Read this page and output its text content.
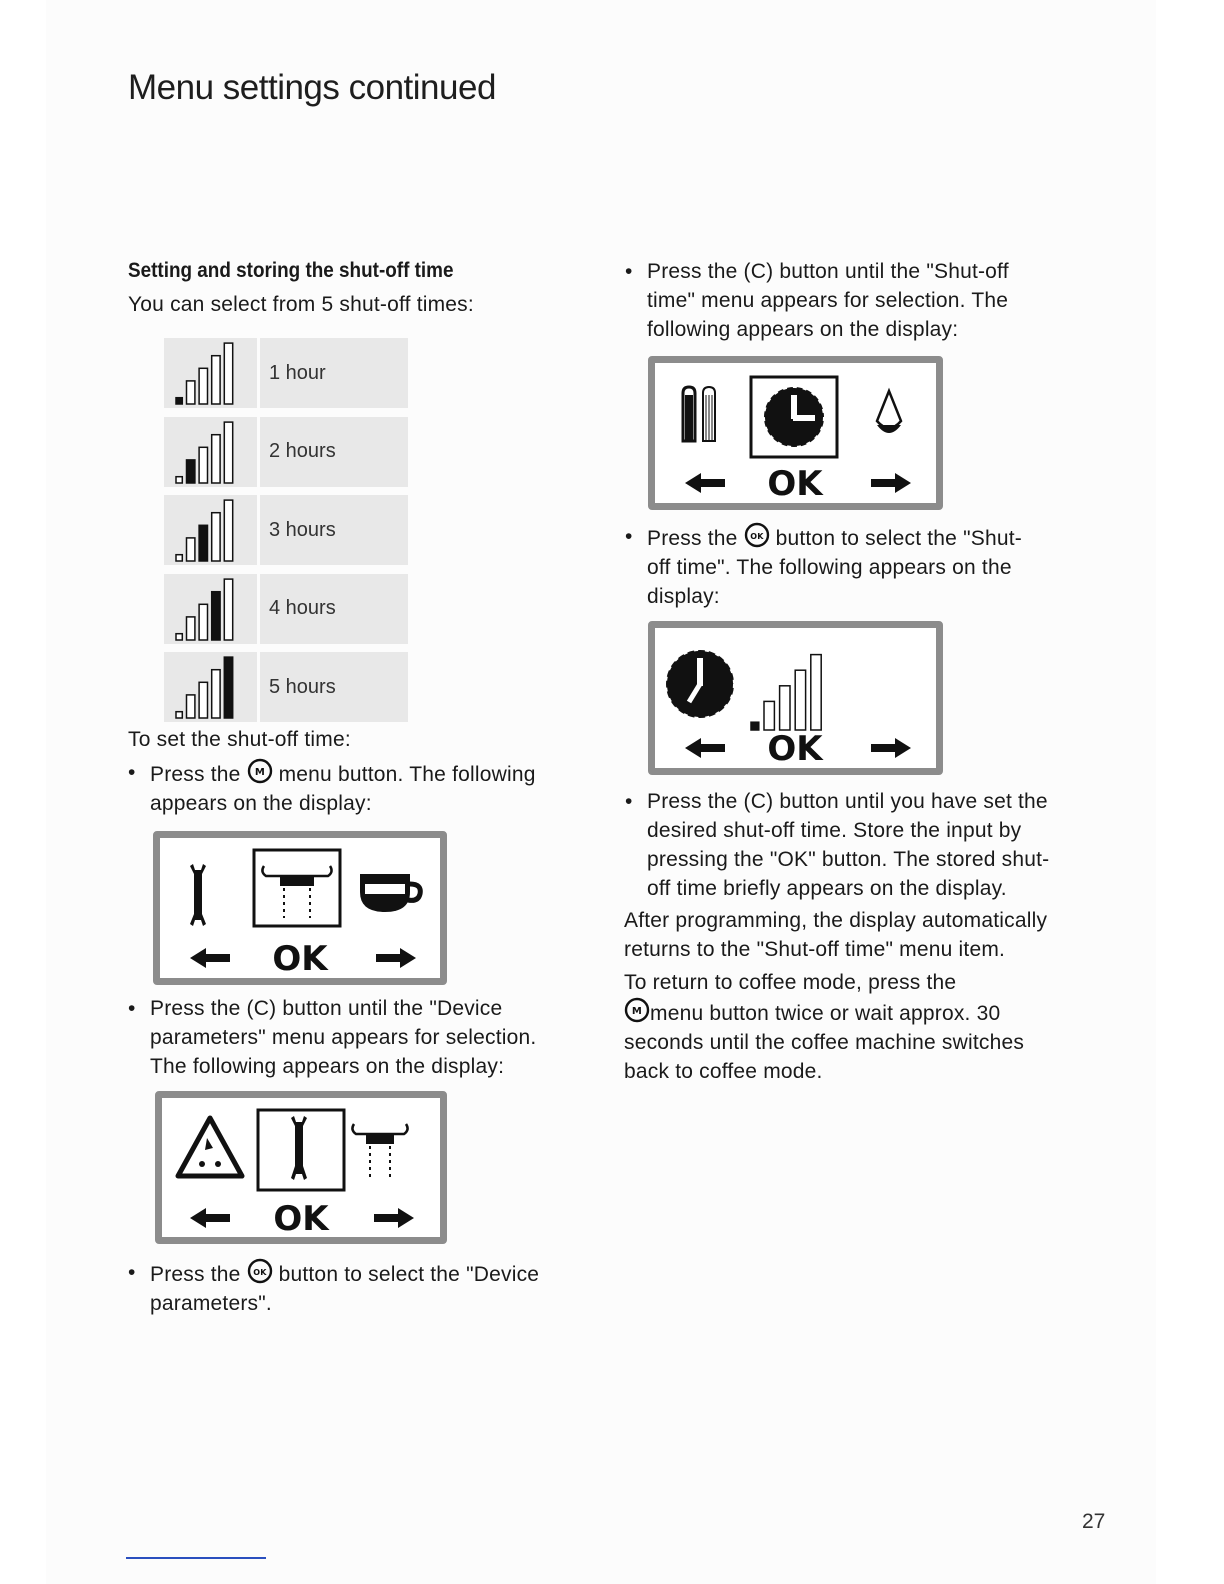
Menu settings continued
Setting and storing the shut-off time
You can select from 5 shut-off times:
1 hour
2 hours
3 hours
4 hours
5 hours
To set the shut-off time:
• Press the M menu button. The following
appears on the display:
OK
• Press the (C) button until the "Device
parameters" menu appears for selection.
The following appears on the display:
OK
• Press the OK button to select the "Device
parameters".
• Press the (C) button until the "Shut-off
time" menu appears for selection. The
following appears on the display:
OK
• Press the OK button to select the "Shut-
off time". The following appears on the
display:
OK
• Press the (C) button until you have set the
desired shut-off time. Store the input by
pressing the "OK" button. The stored shut-
off time briefly appears on the display.
After programming, the display automatically
returns to the "Shut-off time" menu item.
To return to coffee mode, press the

M menu button twice or wait approx. 30
seconds until the coffee machine switches
back to coffee mode.
27
